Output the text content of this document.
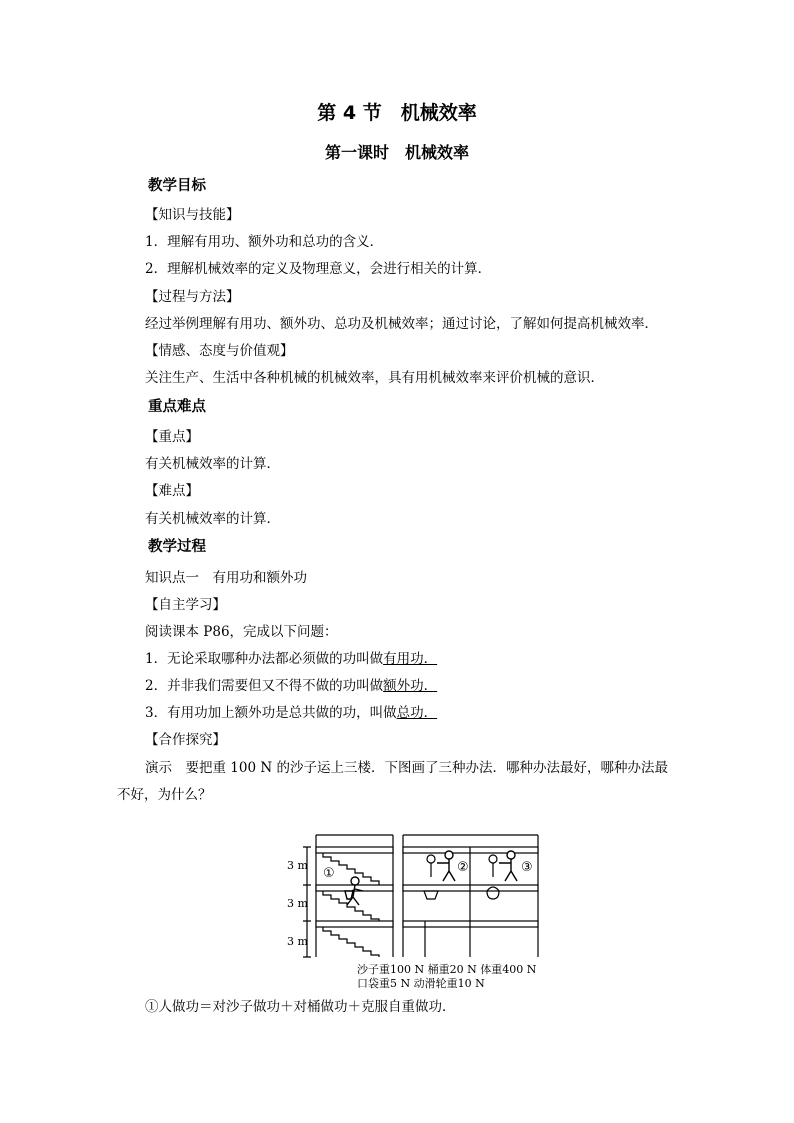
第 4 节　机械效率
第一课时　机械效率
教学目标
【知识与技能】
1．理解有用功、额外功和总功的含义．
2．理解机械效率的定义及物理意义，会进行相关的计算．
【过程与方法】
经过举例理解有用功、额外功、总功及机械效率；通过讨论，了解如何提高机械效率．
【情感、态度与价值观】
关注生产、生活中各种机械的机械效率，具有用机械效率来评价机械的意识．
重点难点
【重点】
有关机械效率的计算．
【难点】
有关机械效率的计算．
教学过程
知识点一　有用功和额外功
【自主学习】
阅读课本 P86，完成以下问题：
1．无论采取哪种办法都必须做的功叫做有用功．
2．并非我们需要但又不得不做的功叫做额外功．
3．有用功加上额外功是总共做的功，叫做总功．
【合作探究】
演示　要把重 100 N 的沙子运上三楼．下图画了三种办法．哪种办法最好，哪种办法最
不好，为什么？
3 m
3 m
3 m
①	②	③
沙子重100 N 桶重20 N 体重400 N
口袋重5 N 动滑轮重10 N
①人做功＝对沙子做功＋对桶做功＋克服自重做功．
